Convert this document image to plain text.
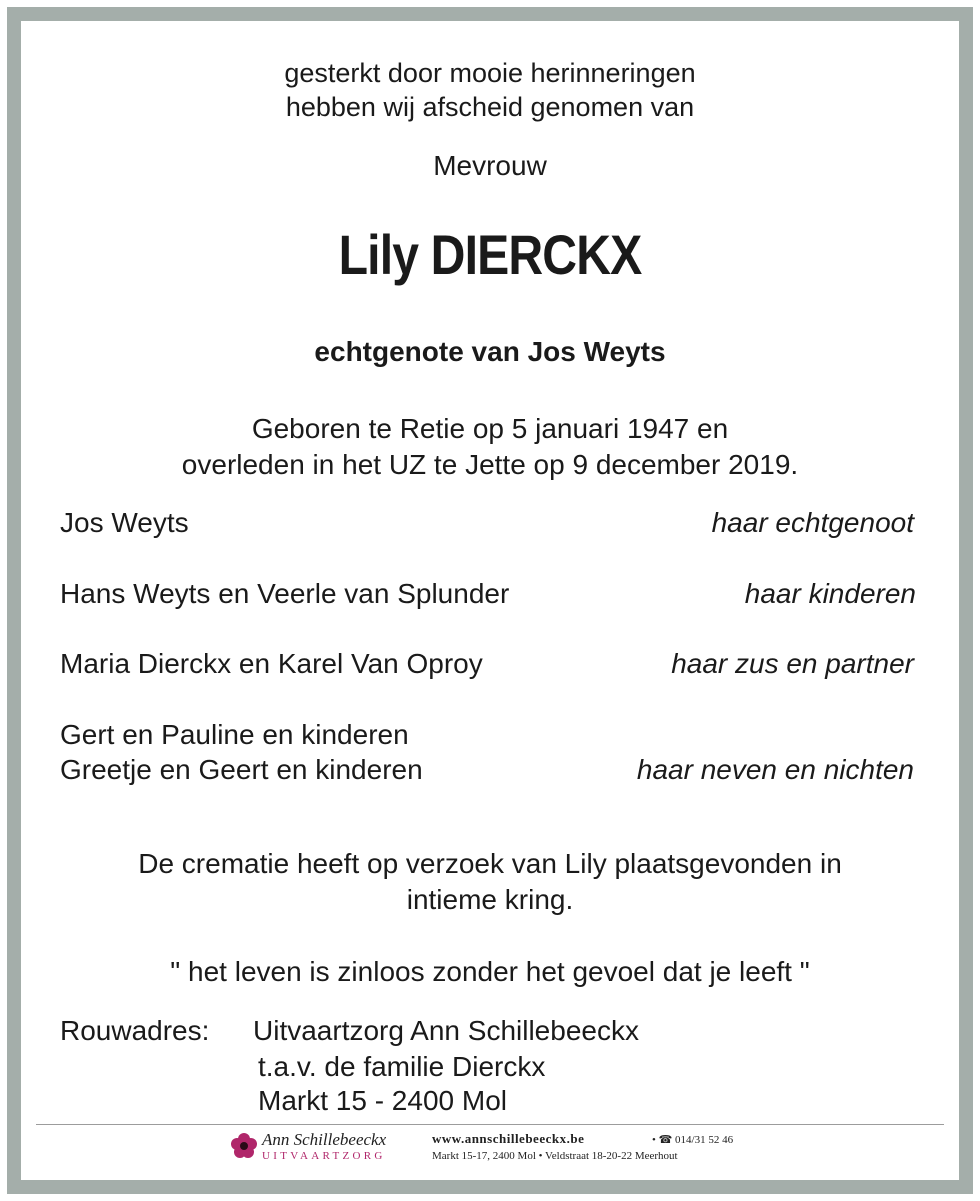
gesterkt door mooie herinneringen
hebben wij afscheid genomen van
Mevrouw
Lily DIERCKX
echtgenote van Jos Weyts
Geboren te Retie op 5 januari 1947 en
overleden in het UZ te Jette op 9 december 2019.
Jos Weyts	haar echtgenoot
Hans Weyts en Veerle van Splunder	haar kinderen
Maria Dierckx en Karel Van Oproy	haar zus en partner
Gert en Pauline en kinderen
Greetje en Geert en kinderen	haar neven en nichten
De crematie heeft op verzoek van Lily plaatsgevonden in
intieme kring.
" het leven is zinloos zonder het gevoel dat je leeft "
Rouwadres: Uitvaartzorg Ann Schillebeeckx
t.a.v. de familie Dierckx
Markt 15 - 2400 Mol
Ann Schillebeeckx
UITVAARTZORG
www.annschillebeeckx.be	• ☎ 014/31 52 46
Markt 15-17, 2400 Mol • Veldstraat 18-20-22 Meerhout
